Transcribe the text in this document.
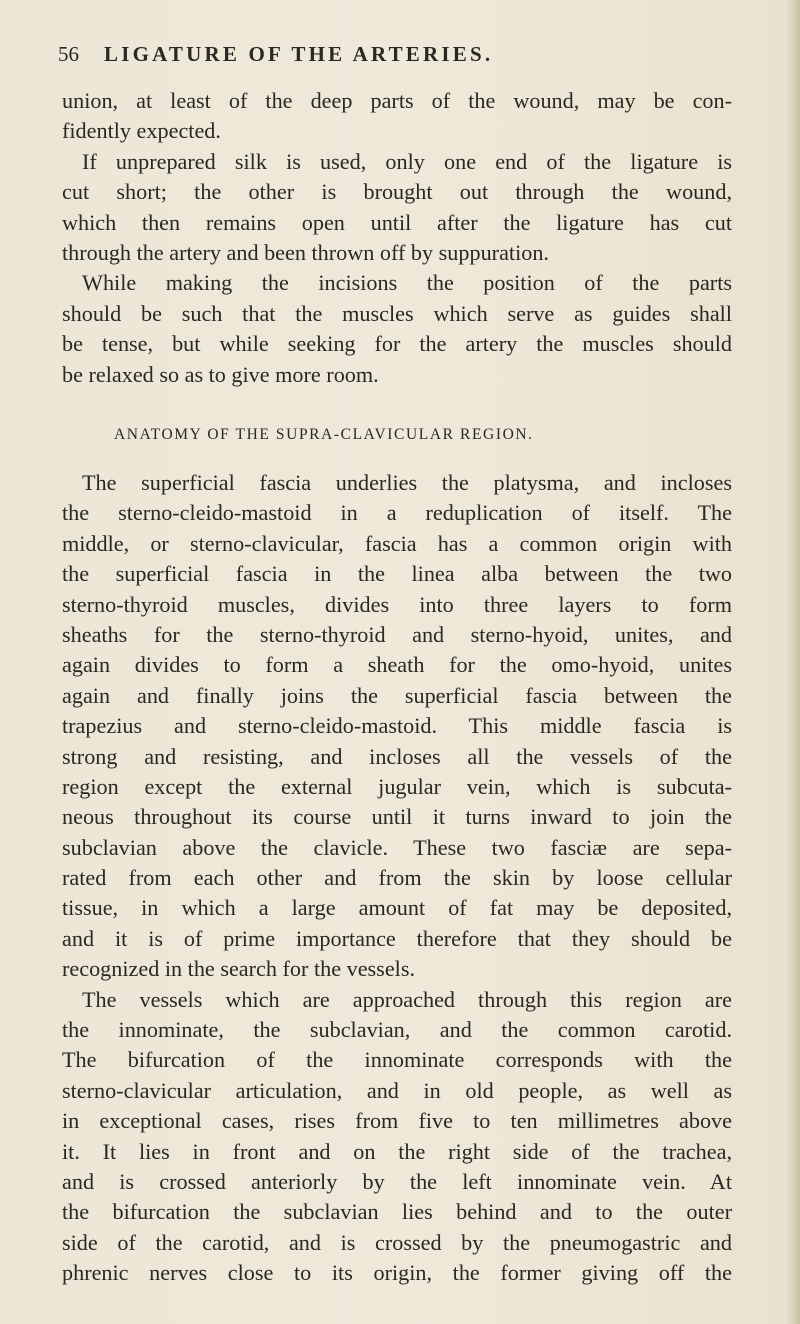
56 LIGATURE OF THE ARTERIES.
union, at least of the deep parts of the wound, may be con-
fidently expected.
If unprepared silk is used, only one end of the ligature is
cut short; the other is brought out through the wound,
which then remains open until after the ligature has cut
through the artery and been thrown off by suppuration.
While making the incisions the position of the parts
should be such that the muscles which serve as guides shall
be tense, but while seeking for the artery the muscles should
be relaxed so as to give more room.
ANATOMY OF THE SUPRA-CLAVICULAR REGION.
The superficial fascia underlies the platysma, and incloses
the sterno-cleido-mastoid in a reduplication of itself. The
middle, or sterno-clavicular, fascia has a common origin with
the superficial fascia in the linea alba between the two
sterno-thyroid muscles, divides into three layers to form
sheaths for the sterno-thyroid and sterno-hyoid, unites, and
again divides to form a sheath for the omo-hyoid, unites
again and finally joins the superficial fascia between the
trapezius and sterno-cleido-mastoid. This middle fascia is
strong and resisting, and incloses all the vessels of the
region except the external jugular vein, which is subcuta-
neous throughout its course until it turns inward to join the
subclavian above the clavicle. These two fasciæ are sepa-
rated from each other and from the skin by loose cellular
tissue, in which a large amount of fat may be deposited,
and it is of prime importance therefore that they should be
recognized in the search for the vessels.
The vessels which are approached through this region are
the innominate, the subclavian, and the common carotid.
The bifurcation of the innominate corresponds with the
sterno-clavicular articulation, and in old people, as well as
in exceptional cases, rises from five to ten millimetres above
it. It lies in front and on the right side of the trachea,
and is crossed anteriorly by the left innominate vein. At
the bifurcation the subclavian lies behind and to the outer
side of the carotid, and is crossed by the pneumogastric and
phrenic nerves close to its origin, the former giving off the
